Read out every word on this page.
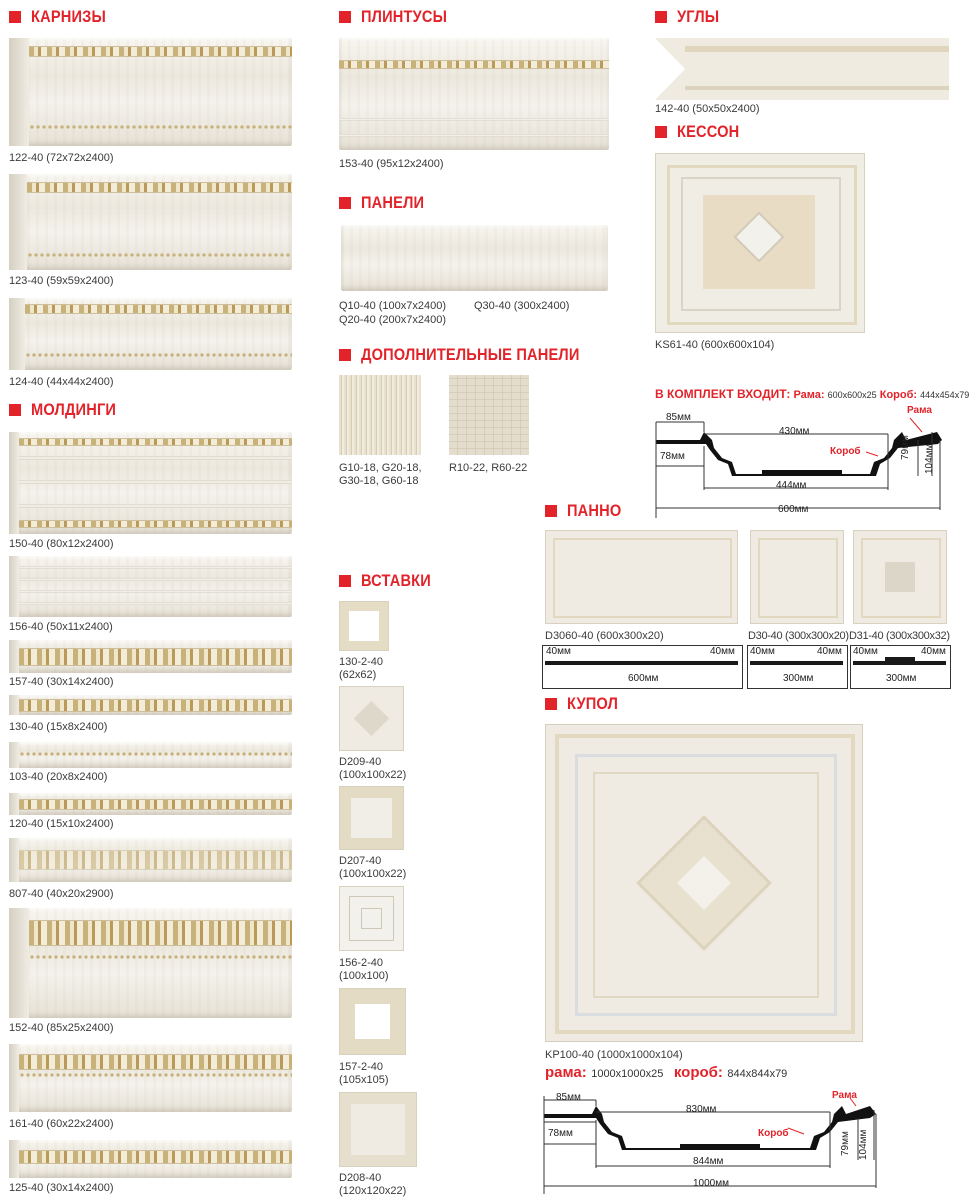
КАРНИЗЫ
122-40 (72x72x2400)
123-40 (59x59x2400)
124-40 (44x44x2400)
МОЛДИНГИ
150-40 (80x12x2400)
156-40 (50x11x2400)
157-40 (30x14x2400)
130-40 (15x8x2400)
103-40 (20x8x2400)
120-40 (15x10x2400)
807-40 (40x20x2900)
152-40 (85x25x2400)
161-40 (60x22x2400)
125-40 (30x14x2400)
ПЛИНТУСЫ
153-40 (95x12x2400)
ПАНЕЛИ
Q10-40 (100x7x2400)	Q30-40 (300x2400)
Q20-40 (200x7x2400)
ДОПОЛНИТЕЛЬНЫЕ ПАНЕЛИ
G10-18, G20-18, R10-22, R60-22
G30-18, G60-18
ВСТАВКИ
130-2-40
(62x62)
D209-40
(100x100x22)
D207-40
(100x100x22)
156-2-40
(100x100)
157-2-40
(105x105)
D208-40
(120x120x22)
УГЛЫ
142-40 (50x50x2400)
КЕССОН
KS61-40 (600x600x104)
В КОМПЛЕКТ ВХОДИТ: Рама: 600x600x25 Короб: 444x454x79
85мм
430мм
78мм
444мм
600мм
79мм 104мм
Рама
Короб
ПАННО
D3060-40 (600x300x20)	D30-40 (300x300x20) D31-40 (300x300x32)
40мм	40мм 40мм	40мм 40мм	40мм
600мм	300мм	300мм
КУПОЛ
KP100-40 (1000x1000x104)
рама: 1000x1000x25 короб: 844x844x79
85мм
830мм
78мм
844мм
1000мм
79мм 104мм
Рама
Короб
